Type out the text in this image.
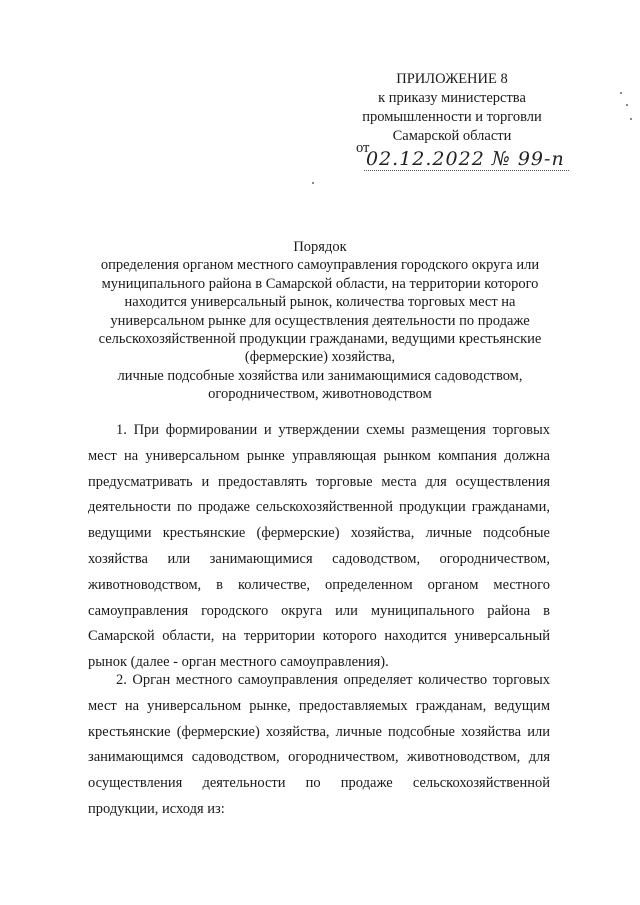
ПРИЛОЖЕНИЕ 8
к приказу министерства
промышленности и торговли
Самарской области
от
02.12.2022 № 99-п

Порядок

определения органом местного самоуправления городского округа или

муниципального района в Самарской области, на территории которого

находится универсальный рынок, количества торговых мест на

универсальном рынке для осуществления деятельности по продаже

сельскохозяйственной продукции гражданами, ведущими крестьянские

(фермерские) хозяйства,

личные подсобные хозяйства или занимающимися садоводством,

огородничеством, животноводством

1. При формировании и утверждении схемы размещения торговых мест на универсальном рынке управляющая рынком компания должна предусматривать и предоставлять торговые места для осуществления деятельности по продаже сельскохозяйственной продукции гражданами, ведущими крестьянские (фермерские) хозяйства, личные подсобные хозяйства или занимающимися садоводством, огородничеством, животноводством, в количестве, определенном органом местного самоуправления городского округа или муниципального района в Самарской области, на территории которого находится универсальный рынок (далее - орган местного самоуправления).

2. Орган местного самоуправления определяет количество торговых мест на универсальном рынке, предоставляемых гражданам, ведущим крестьянские (фермерские) хозяйства, личные подсобные хозяйства или занимающимся садоводством, огородничеством, животноводством, для осуществления деятельности по продаже сельскохозяйственной продукции, исходя из:
